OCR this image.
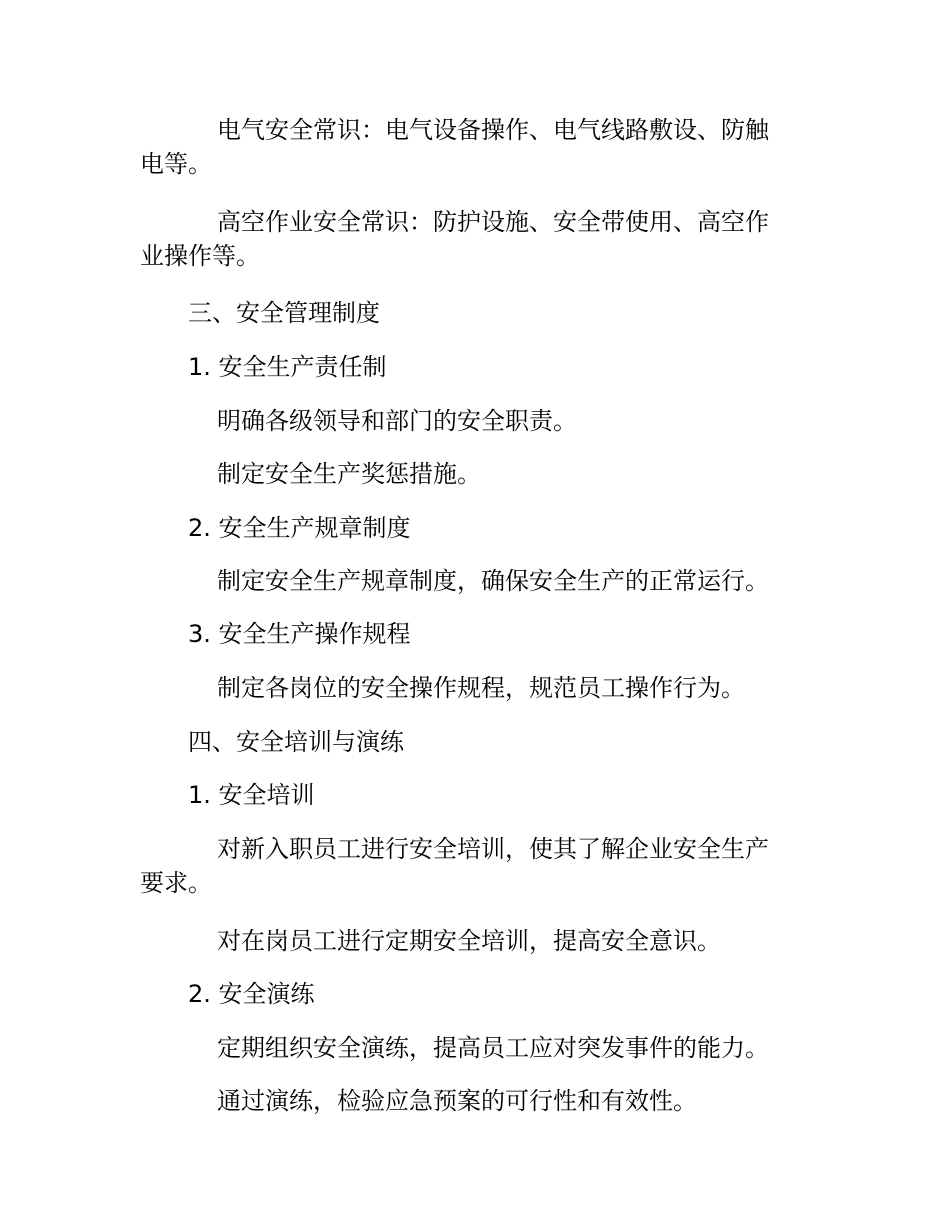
电气安全常识：电气设备操作、电气线路敷设、防触
电等。
高空作业安全常识：防护设施、安全带使用、高空作
业操作等。
三、安全管理制度
1. 安全生产责任制
明确各级领导和部门的安全职责。
制定安全生产奖惩措施。
2. 安全生产规章制度
制定安全生产规章制度，确保安全生产的正常运行。
3. 安全生产操作规程
制定各岗位的安全操作规程，规范员工操作行为。
四、安全培训与演练
1. 安全培训
对新入职员工进行安全培训，使其了解企业安全生产
要求。
对在岗员工进行定期安全培训，提高安全意识。
2. 安全演练
定期组织安全演练，提高员工应对突发事件的能力。
通过演练，检验应急预案的可行性和有效性。
